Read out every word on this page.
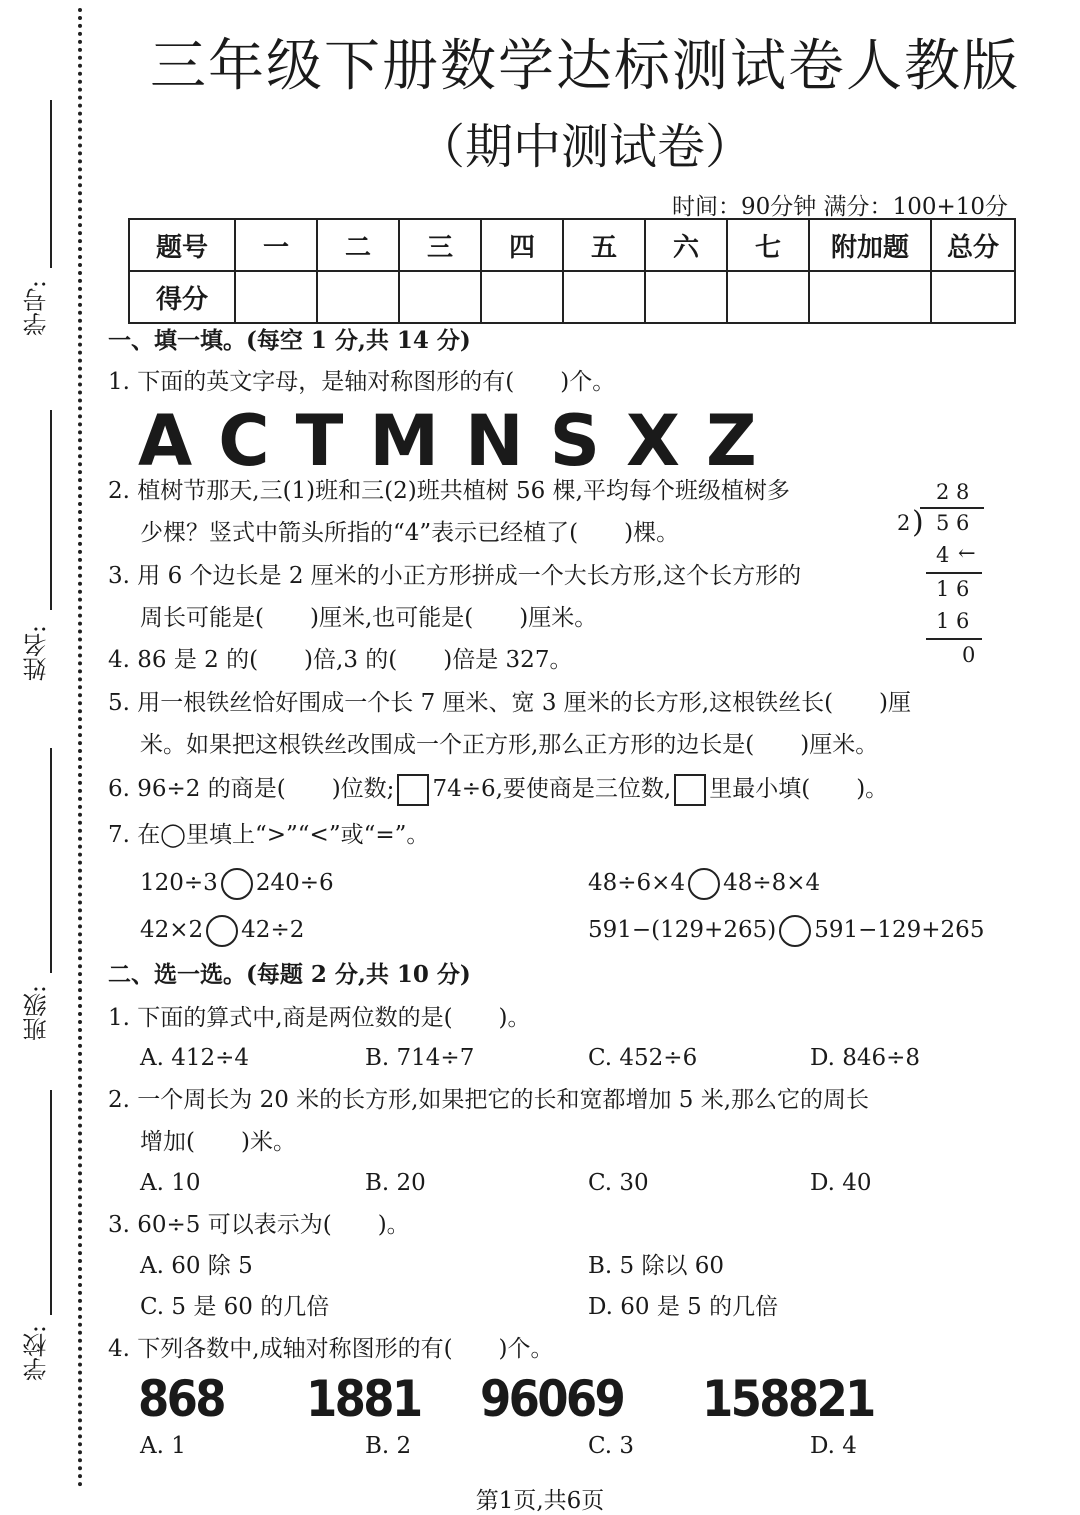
学号:
姓名:
班级:
学校:
三年级下册数学达标测试卷人教版
（期中测试卷）
时间：90分钟 满分：100+10分
题号	一	二	三	四	五	六	七	附加题	总分
得分									
一、填一填。(每空 1 分,共 14 分)
1. 下面的英文字母，是轴对称图形的有(　　)个。
A C T M N S X Z
2. 植树节那天,三(1)班和三(2)班共植树 56 棵,平均每个班级植树多
少棵？竖式中箭头所指的“4”表示已经植了(　　)棵。
3. 用 6 个边长是 2 厘米的小正方形拼成一个大长方形,这个长方形的
周长可能是(　　)厘米,也可能是(　　)厘米。
4. 86 是 2 的(　　)倍,3 的(　　)倍是 327。
5. 用一根铁丝恰好围成一个长 7 厘米、宽 3 厘米的长方形,这根铁丝长(　　)厘
米。如果把这根铁丝改围成一个正方形,那么正方形的边长是(　　)厘米。
6. 96÷2 的商是(　　)位数; 74÷6,要使商是三位数, 里最小填(　　)。
7. 在◯里填上“>”“<”或“=”。
120÷3 240÷6	48÷6×4 48÷8×4
42×2 42÷2	591−(129+265) 591−129+265
2 8
2 ) 5 6
4 ←
1 6
1 6
0
二、选一选。(每题 2 分,共 10 分)
1. 下面的算式中,商是两位数的是(　　)。
A. 412÷4	B. 714÷7	C. 452÷6	D. 846÷8
2. 一个周长为 20 米的长方形,如果把它的长和宽都增加 5 米,那么它的周长
增加(　　)米。
A. 10	B. 20	C. 30	D. 40
3. 60÷5 可以表示为(　　)。
A. 60 除 5	B. 5 除以 60
C. 5 是 60 的几倍	D. 60 是 5 的几倍
4. 下列各数中,成轴对称图形的有(　　)个。
868 1881 96069 158821
A. 1	B. 2	C. 3	D. 4
第1页,共6页
